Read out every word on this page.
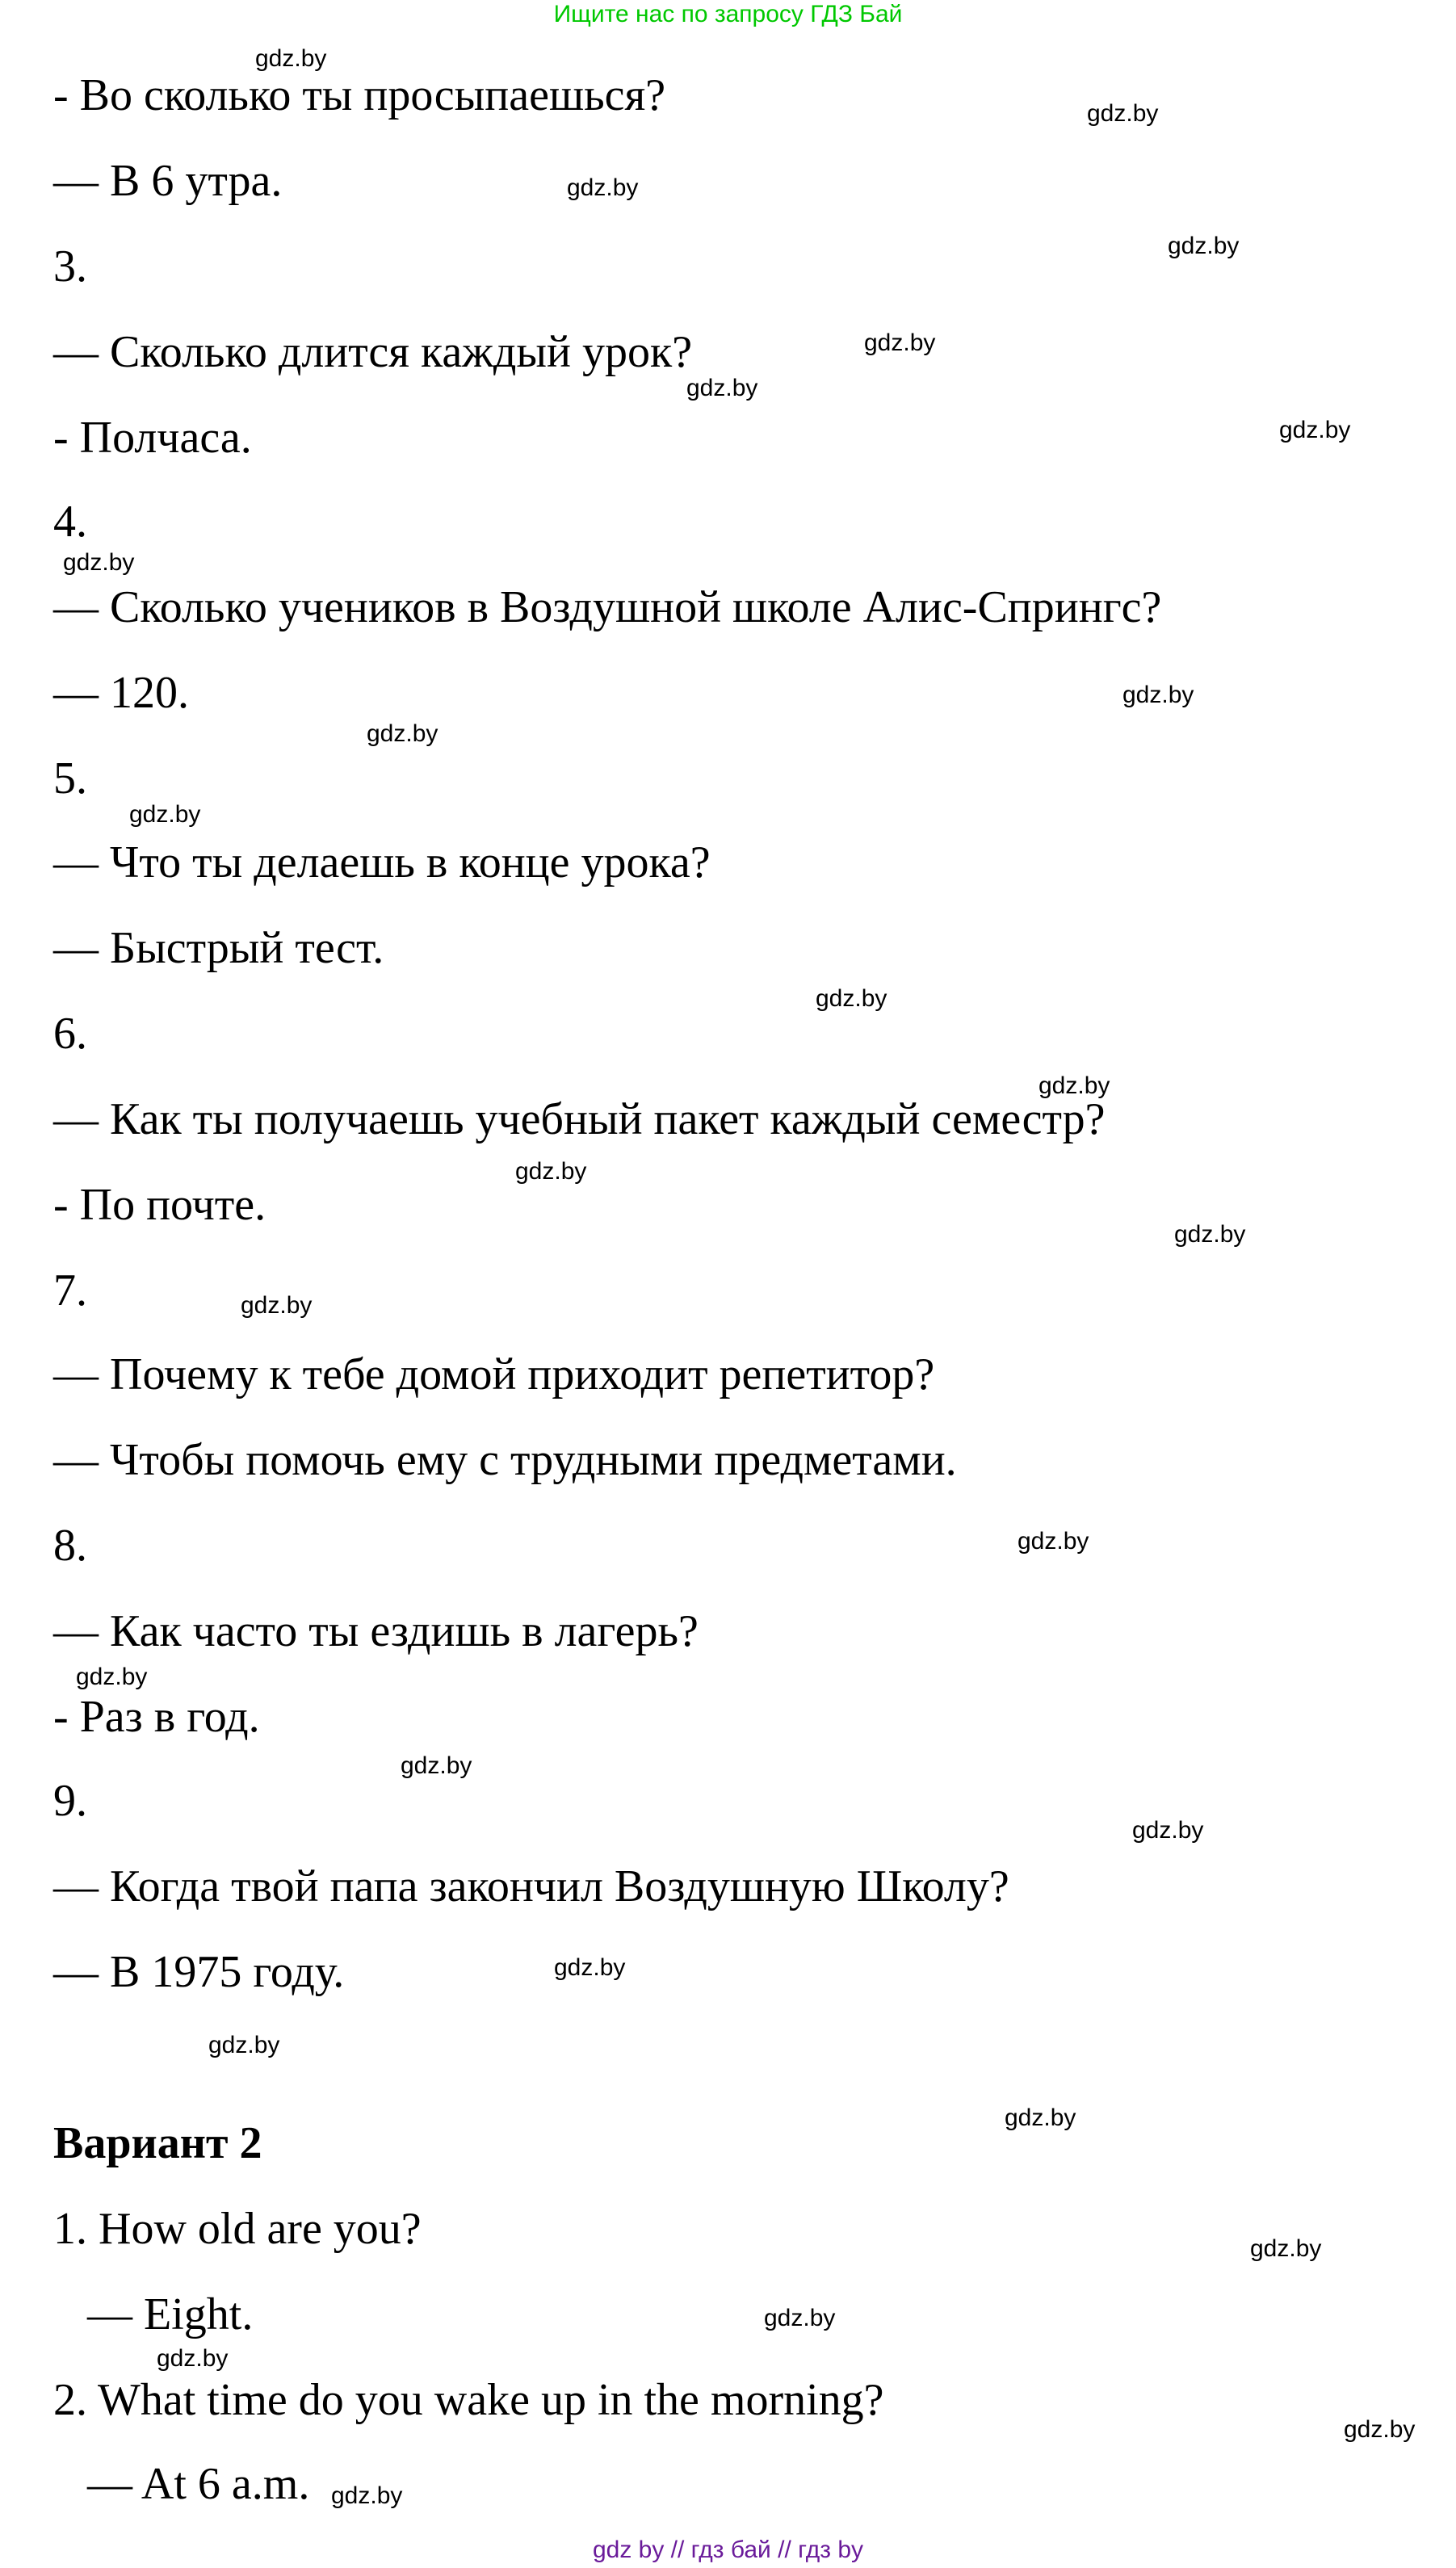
Ищите нас по запросу ГДЗ Бай
- Во сколько ты просыпаешься?
— В 6 утра.
3.
— Сколько длится каждый урок?
- Полчаса.
4.
— Сколько учеников в Воздушной школе Алис-Спрингс?
— 120.
5.
— Что ты делаешь в конце урока?
— Быстрый тест.
6.
— Как ты получаешь учебный пакет каждый семестр?
- По почте.
7.
— Почему к тебе домой приходит репетитор?
— Чтобы помочь ему с трудными предметами.
8.
— Как часто ты ездишь в лагерь?
- Раз в год.
9.
— Когда твой папа закончил Воздушную Школу?
— В 1975 году.
Вариант 2
1. How old are you?
— Eight.
2. What time do you wake up in the morning?
— At 6 a.m.
gdz.by
gdz.by
gdz.by
gdz.by
gdz.by
gdz.by
gdz.by
gdz.by
gdz.by
gdz.by
gdz.by
gdz.by
gdz.by
gdz.by
gdz.by
gdz.by
gdz.by
gdz.by
gdz.by
gdz.by
gdz.by
gdz.by
gdz.by
gdz.by
gdz.by
gdz.by
gdz.by
gdz.by
gdz by // гдз бай // гдз by
